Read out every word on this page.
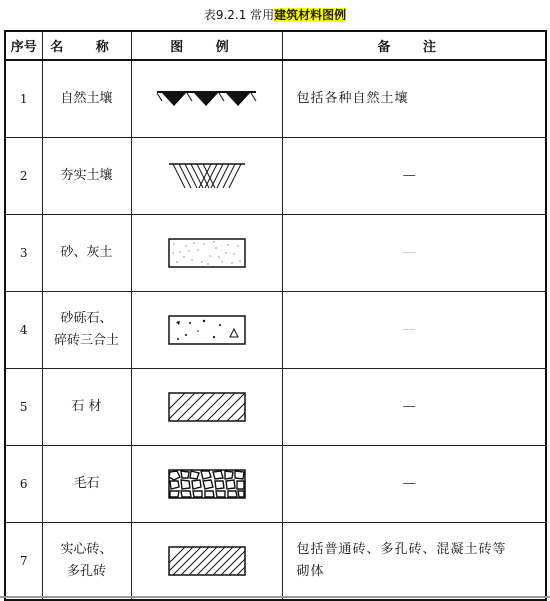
表9.2.1 常用建筑材料图例
序号	名 称	图 例	备 注
1	自然土壤		包括各种自然土壤
2	夯实土壤		—
3	砂、灰土		—
4	砂砾石、
碎砖三合土		—
5	石 材		—
6	毛石		—
7	实心砖、
多孔砖		包括普通砖、多孔砖、混凝土砖等
砌体
